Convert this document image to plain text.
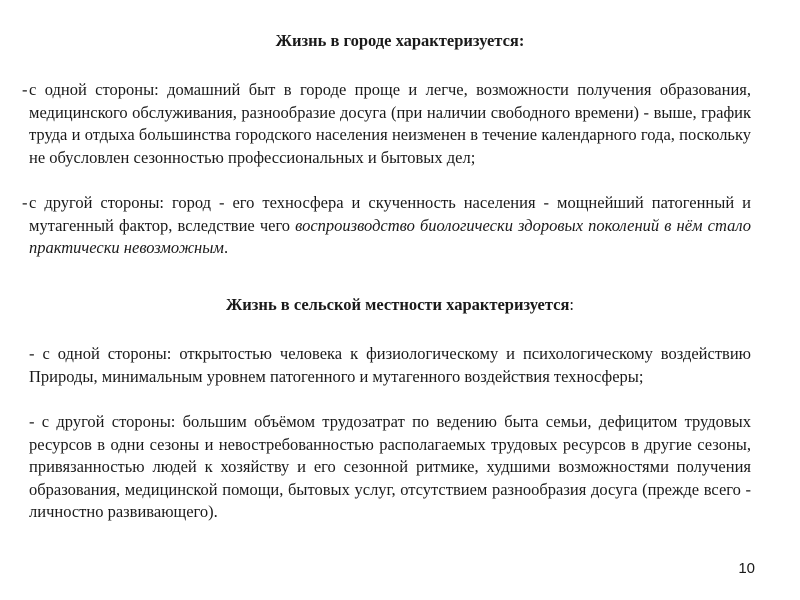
Жизнь в городе характеризуется:

- с одной стороны: домашний быт в городе проще и легче, возможности получения образования, медицинского обслуживания, разнообразие досуга (при наличии свободного времени) - выше, график труда и отдыха большинства городского населения неизменен в течение календарного года, поскольку не обусловлен сезонностью профессиональных и бытовых дел;

- с другой стороны: город - его техносфера и скученность населения - мощнейший патогенный и мутагенный фактор, вследствие чего воспроизводство биологически здоровых поколений в нём стало практически невозможным.

Жизнь в сельской местности характеризуется:

- с одной стороны: открытостью человека к физиологическому и психологическому воздействию Природы, минимальным уровнем патогенного и мутагенного воздействия техносферы;

- с другой стороны: большим объёмом трудозатрат по ведению быта семьи, дефицитом трудовых ресурсов в одни сезоны и невостребованностью располагаемых трудовых ресурсов в другие сезоны, привязанностью людей к хозяйству и его сезонной ритмике, худшими возможностями получения образования, медицинской помощи, бытовых услуг, отсутствием разнообразия досуга (прежде всего - личностно развивающего).

10
